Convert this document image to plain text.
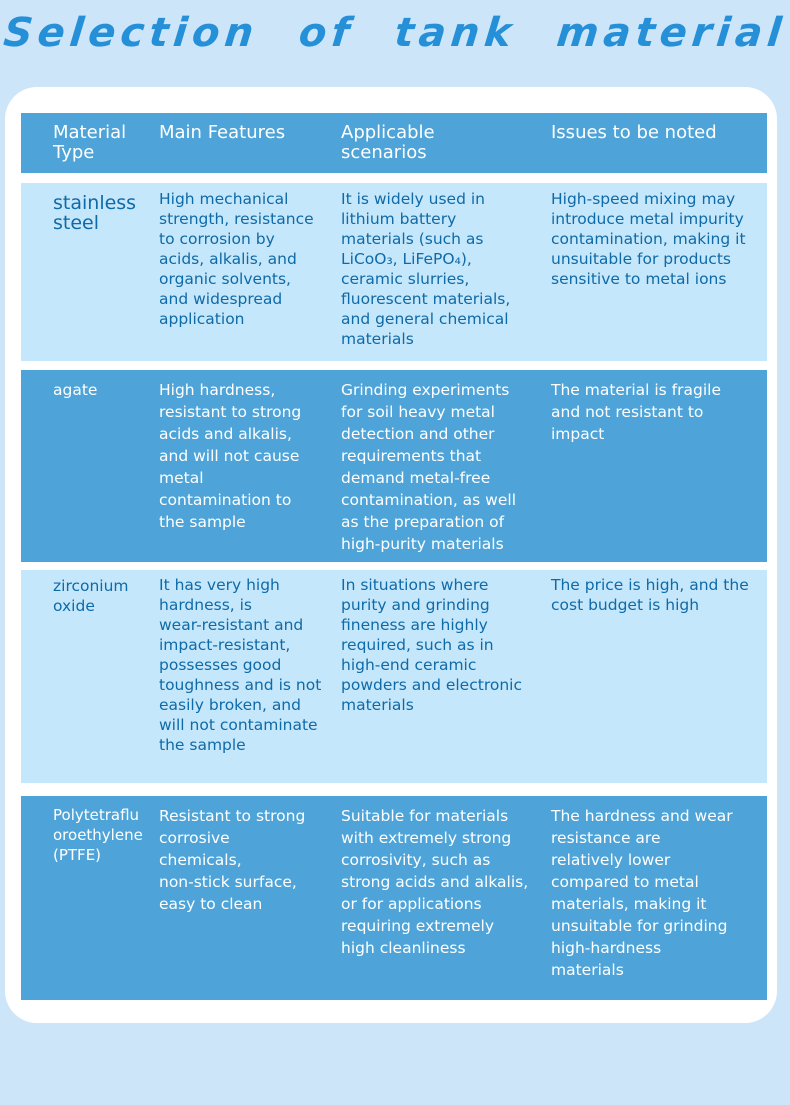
Selection of tank material
Material
Type
Main Features	Applicable
scenarios
Issues to be noted
stainless
steel
High mechanical
strength, resistance
to corrosion by
acids, alkalis, and
organic solvents,
and widespread
application
It is widely used in
lithium battery
materials (such as
LiCoO₃, LiFePO₄),
ceramic slurries,
fluorescent materials,
and general chemical
materials
High-speed mixing may
introduce metal impurity
contamination, making it
unsuitable for products
sensitive to metal ions
agate	High hardness,
resistant to strong
acids and alkalis,
and will not cause
metal
contamination to
the sample
Grinding experiments
for soil heavy metal
detection and other
requirements that
demand metal-free
contamination, as well
as the preparation of
high-purity materials
The material is fragile
and not resistant to
impact
zirconium
oxide
It has very high
hardness, is
wear-resistant and
impact-resistant,
possesses good
toughness and is not
easily broken, and
will not contaminate
the sample
In situations where
purity and grinding
fineness are highly
required, such as in
high-end ceramic
powders and electronic
materials
The price is high, and the
cost budget is high
Polytetraflu
oroethylene
(PTFE)
Resistant to strong
corrosive
chemicals,
non-stick surface,
easy to clean
Suitable for materials
with extremely strong
corrosivity, such as
strong acids and alkalis,
or for applications
requiring extremely
high cleanliness
The hardness and wear
resistance are
relatively lower
compared to metal
materials, making it
unsuitable for grinding
high-hardness
materials
